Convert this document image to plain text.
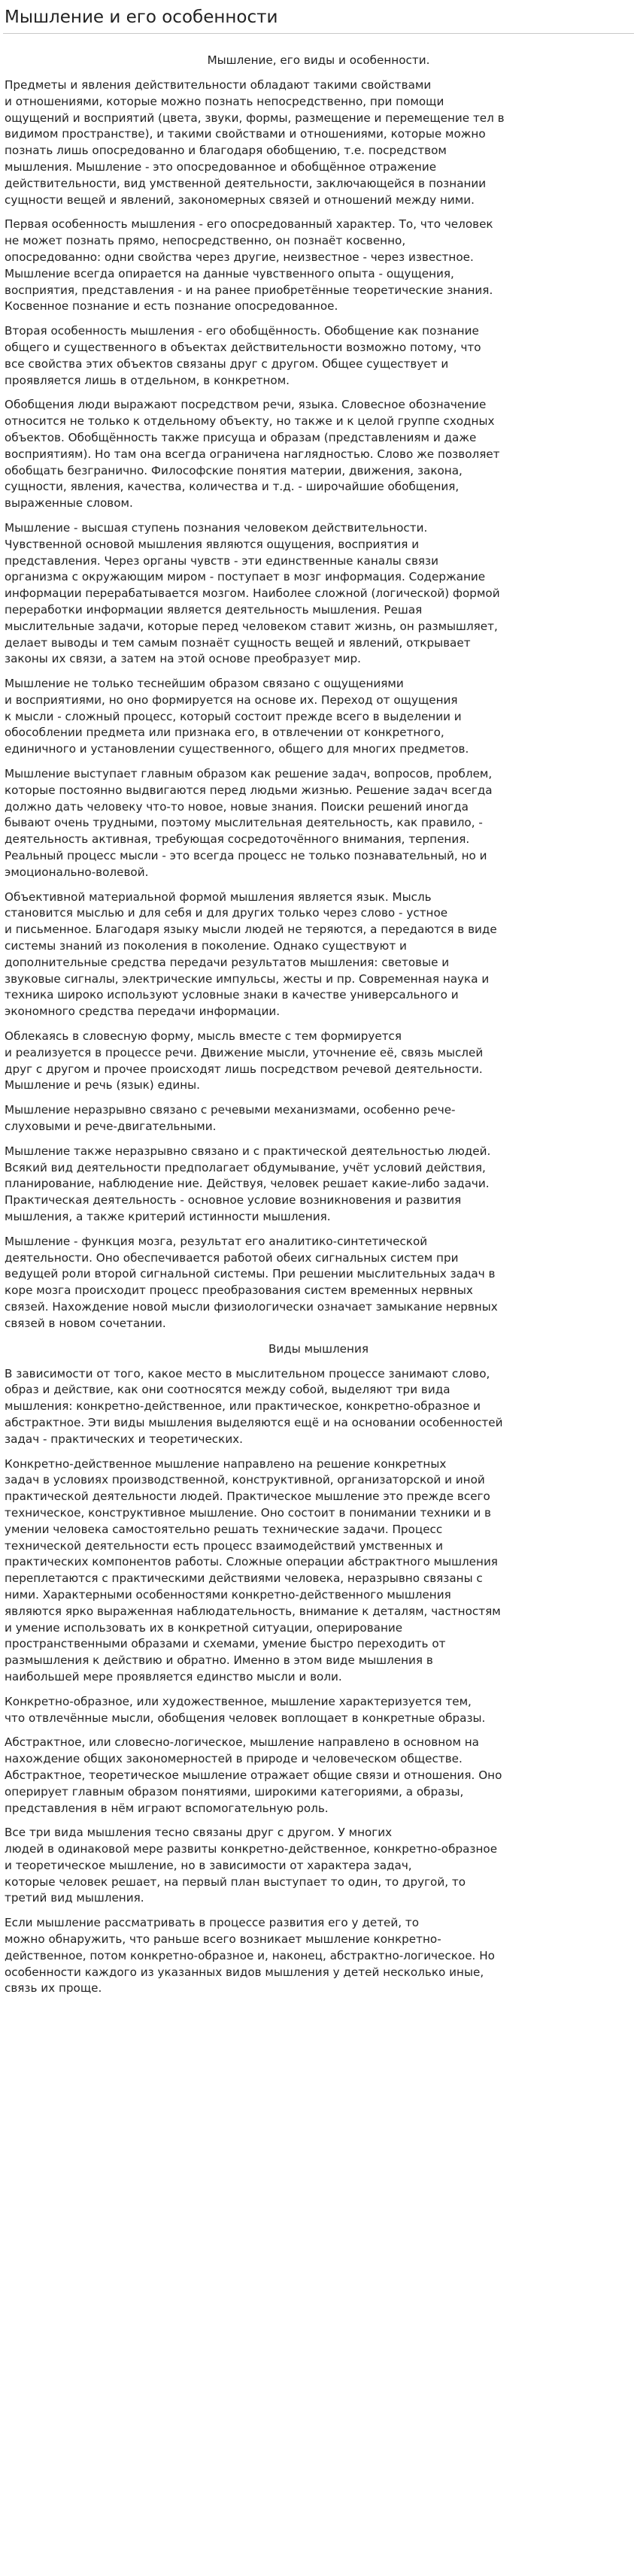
Мышление и его особенности
Мышление, его виды и особенности.

Предметы и явления действительности обладают такими свойствами
и отношениями, которые можно познать непосредственно, при помощи
ощущений и восприятий (цвета, звуки, формы, размещение и перемещение тел в
видимом пространстве), и такими свойствами и отношениями, которые можно
познать лишь опосредованно и благодаря обобщению, т.е. посредством
мышления. Мышление - это опосредованное и обобщённое отражение
действительности, вид умственной деятельности, заключающейся в познании
сущности вещей и явлений, закономерных связей и отношений между ними.

Первая особенность мышления - его опосредованный характер. То, что человек
не может познать прямо, непосредственно, он познаёт косвенно,
опосредованно: одни свойства через другие, неизвестное - через известное.
Мышление всегда опирается на данные чувственного опыта - ощущения,
восприятия, представления - и на ранее приобретённые теоретические знания.
Косвенное познание и есть познание опосредованное.

Вторая особенность мышления - его обобщённость. Обобщение как познание
общего и существенного в объектах действительности возможно потому, что
все свойства этих объектов связаны друг с другом. Общее существует и
проявляется лишь в отдельном, в конкретном.

Обобщения люди выражают посредством речи, языка. Словесное обозначение
относится не только к отдельному объекту, но также и к целой группе сходных
объектов. Обобщённость также присуща и образам (представлениям и даже
восприятиям). Но там она всегда ограничена наглядностью. Слово же позволяет
обобщать безгранично. Философские понятия материи, движения, закона,
сущности, явления, качества, количества и т.д. - широчайшие обобщения,
выраженные словом.

Мышление - высшая ступень познания человеком действительности.
Чувственной основой мышления являются ощущения, восприятия и
представления. Через органы чувств - эти единственные каналы связи
организма с окружающим миром - поступает в мозг информация. Содержание
информации перерабатывается мозгом. Наиболее сложной (логической) формой
переработки информации является деятельность мышления. Решая
мыслительные задачи, которые перед человеком ставит жизнь, он размышляет,
делает выводы и тем самым познаёт сущность вещей и явлений, открывает
законы их связи, а затем на этой основе преобразует мир.

Мышление не только теснейшим образом связано с ощущениями
и восприятиями, но оно формируется на основе их. Переход от ощущения
к мысли - сложный процесс, который состоит прежде всего в выделении и
обособлении предмета или признака его, в отвлечении от конкретного,
единичного и установлении существенного, общего для многих предметов.

Мышление выступает главным образом как решение задач, вопросов, проблем,
которые постоянно выдвигаются перед людьми жизнью. Решение задач всегда
должно дать человеку что-то новое, новые знания. Поиски решений иногда
бывают очень трудными, поэтому мыслительная деятельность, как правило, -
деятельность активная, требующая сосредоточённого внимания, терпения.
Реальный процесс мысли - это всегда процесс не только познавательный, но и
эмоционально-волевой.

Объективной материальной формой мышления является язык. Мысль
становится мыслью и для себя и для других только через слово - устное
и письменное. Благодаря языку мысли людей не теряются, а передаются в виде
системы знаний из поколения в поколение. Однако существуют и
дополнительные средства передачи результатов мышления: световые и
звуковые сигналы, электрические импульсы, жесты и пр. Современная наука и
техника широко используют условные знаки в качестве универсального и
экономного средства передачи информации.

Облекаясь в словесную форму, мысль вместе с тем формируется
и реализуется в процессе речи. Движение мысли, уточнение её, связь мыслей
друг с другом и прочее происходят лишь посредством речевой деятельности.
Мышление и речь (язык) едины.

Мышление неразрывно связано с речевыми механизмами, особенно рече-
слуховыми и рече-двигательными.

Мышление также неразрывно связано и с практической деятельностью людей.
Всякий вид деятельности предполагает обдумывание, учёт условий действия,
планирование, наблюдение ние. Действуя, человек решает какие-либо задачи.
Практическая деятельность - основное условие возникновения и развития
мышления, а также критерий истинности мышления.

Мышление - функция мозга, результат его аналитико-синтетической
деятельности. Оно обеспечивается работой обеих сигнальных систем при
ведущей роли второй сигнальной системы. При решении мыслительных задач в
коре мозга происходит процесс преобразования систем временных нервных
связей. Нахождение новой мысли физиологически означает замыкание нервных
связей в новом сочетании.

Виды мышления

В зависимости от того, какое место в мыслительном процессе занимают слово,
образ и действие, как они соотносятся между собой, выделяют три вида
мышления: конкретно-действенное, или практическое, конкретно-образное и
абстрактное. Эти виды мышления выделяются ещё и на основании особенностей
задач - практических и теоретических.

Конкретно-действенное мышление направлено на решение конкретных
задач в условиях производственной, конструктивной, организаторской и иной
практической деятельности людей. Практическое мышление это прежде всего
техническое, конструктивное мышление. Оно состоит в понимании техники и в
умении человека самостоятельно решать технические задачи. Процесс
технической деятельности есть процесс взаимодействий умственных и
практических компонентов работы. Сложные операции абстрактного мышления
переплетаются с практическими действиями человека, неразрывно связаны с
ними. Характерными особенностями конкретно-действенного мышления
являются ярко выраженная наблюдательность, внимание к деталям, частностям
и умение использовать их в конкретной ситуации, оперирование
пространственными образами и схемами, умение быстро переходить от
размышления к действию и обратно. Именно в этом виде мышления в
наибольшей мере проявляется единство мысли и воли.

Конкретно-образное, или художественное, мышление характеризуется тем,
что отвлечённые мысли, обобщения человек воплощает в конкретные образы.

Абстрактное, или словесно-логическое, мышление направлено в основном на
нахождение общих закономерностей в природе и человеческом обществе.
Абстрактное, теоретическое мышление отражает общие связи и отношения. Оно
оперирует главным образом понятиями, широкими категориями, а образы,
представления в нём играют вспомогательную роль.

Все три вида мышления тесно связаны друг с другом. У многих
людей в одинаковой мере развиты конкретно-действенное, конкретно-образное
и теоретическое мышление, но в зависимости от характера задач,
которые человек решает, на первый план выступает то один, то другой, то
третий вид мышления.

Если мышление рассматривать в процессе развития его у детей, то
можно обнаружить, что раньше всего возникает мышление конкретно-
действенное, потом конкретно-образное и, наконец, абстрактно-логическое. Но
особенности каждого из указанных видов мышления у детей несколько иные,
связь их проще.
